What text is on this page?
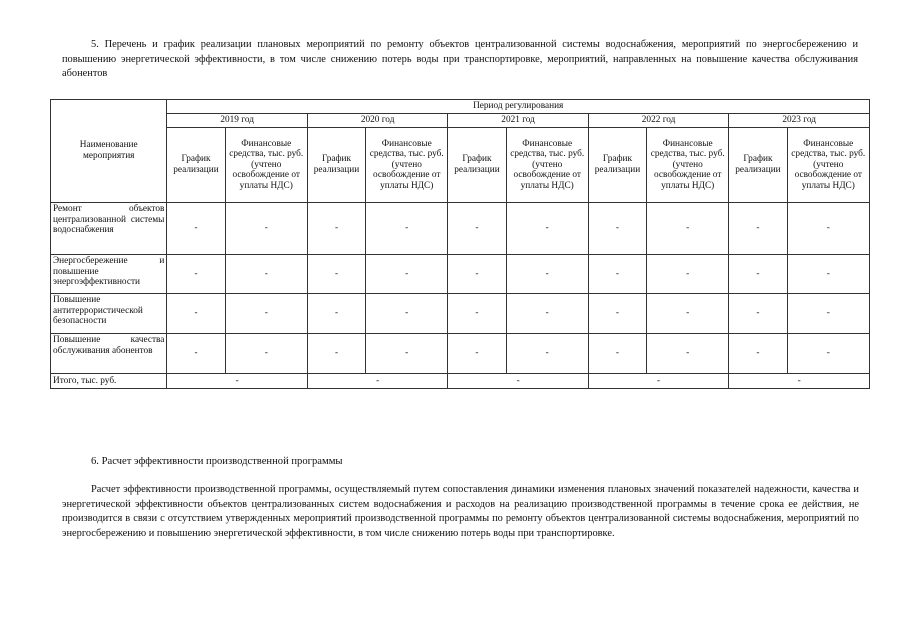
5. Перечень и график реализации плановых мероприятий по ремонту объектов централизованной системы водоснабжения, мероприятий по энергосбережению и повышению энергетической эффективности, в том числе снижению потерь воды при транспортировке, мероприятий, направленных на повышение качества обслуживания абонентов
Наименование мероприятия	Период регулирования									
	2019 год		2020 год		2021 год		2022 год		2023 год	
	График реализации	Финансовые средства, тыс. руб. (учтено освобождение от уплаты НДС)	График реализации	Финансовые средства, тыс. руб. (учтено освобождение от уплаты НДС)	График реализации	Финансовые средства, тыс. руб. (учтено освобождение от уплаты НДС)	График реализации	Финансовые средства, тыс. руб. (учтено освобождение от уплаты НДС)	График реализации	Финансовые средства, тыс. руб. (учтено освобождение от уплаты НДС)
Ремонт объектов централизованной системы водоснабжения	-	-	-	-	-	-	-	-	-	-
Энергосбережение и повышение энергоэффективности	-	-	-	-	-	-	-	-	-	-
Повышение антитеррористической безопасности	-	-	-	-	-	-	-	-	-	-
Повышение качества обслуживания абонентов	-	-	-	-	-	-	-	-	-	-
Итого, тыс. руб.	-		-		-		-		-	
6. Расчет эффективности производственной программы
Расчет эффективности производственной программы, осуществляемый путем сопоставления динамики изменения плановых значений показателей надежности, качества и энергетической эффективности объектов централизованных систем водоснабжения и расходов на реализацию производственной программы в течение срока ее действия, не производится в связи с отсутствием утвержденных мероприятий производственной программы по ремонту объектов централизованной системы водоснабжения, мероприятий по энергосбережению и повышению энергетической эффективности, в том числе снижению потерь воды при транспортировке.
